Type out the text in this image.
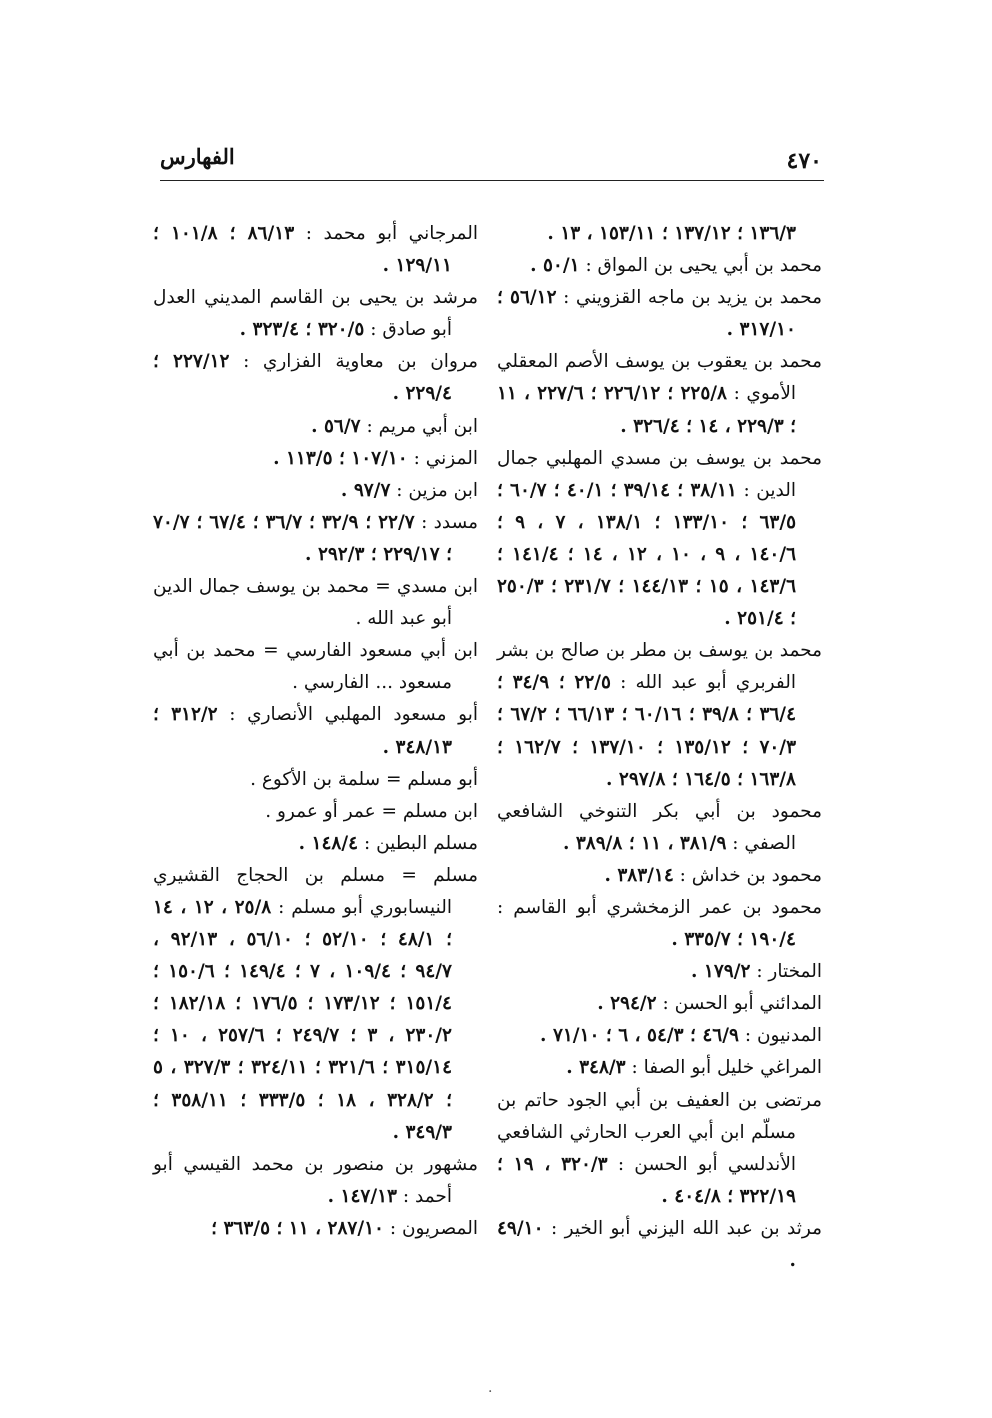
الفهارس	٤٧٠
١٣٦/٣ ؛ ١٣٧/١٢ ؛ ١٥٣/١١ ، ١٣ .
محمد بن أبي يحيى بن المواق : ٥٠/١ .
محمد بن يزيد بن ماجه القزويني : ٥٦/١٢ ؛ ٣١٧/١٠ .
محمد بن يعقوب بن يوسف الأصم المعقلي الأموي : ٢٢٥/٨ ؛ ٢٢٦/١٢ ؛ ٢٢٧/٦ ، ١١ ؛ ٢٢٩/٣ ، ١٤ ؛ ٣٢٦/٤ .
محمد بن يوسف بن مسدي المهلبي جمال الدين : ٣٨/١١ ؛ ٣٩/١٤ ؛ ٤٠/١ ؛ ٦٠/٧ ؛ ٦٣/٥ ؛ ١٣٣/١٠ ؛ ١٣٨/١ ، ٧ ، ٩ ؛ ١٤٠/٦ ، ٩ ، ١٠ ، ١٢ ، ١٤ ؛ ١٤١/٤ ؛ ١٤٣/٦ ، ١٥ ؛ ١٤٤/١٣ ؛ ٢٣١/٧ ؛ ٢٥٠/٣ ؛ ٢٥١/٤ .
محمد بن يوسف بن مطر بن صالح بن بشر الفربري أبو عبد الله : ٢٢/٥ ؛ ٣٤/٩ ؛ ٣٦/٤ ؛ ٣٩/٨ ؛ ٦٠/١٦ ؛ ٦٦/١٣ ؛ ٦٧/٢ ؛ ٧٠/٣ ؛ ١٣٥/١٢ ؛ ١٣٧/١٠ ؛ ١٦٢/٧ ؛ ١٦٣/٨ ؛ ١٦٤/٥ ؛ ٢٩٧/٨ .
محمود بن أبي بكر التنوخي الشافعي الصفي : ٣٨١/٩ ، ١١ ؛ ٣٨٩/٨ .
محمود بن خداش : ٣٨٣/١٤ .
محمود بن عمر الزمخشري أبو القاسم : ١٩٠/٤ ؛ ٣٣٥/٧ .
المختار : ١٧٩/٢ .
المدائني أبو الحسن : ٢٩٤/٢ .
المدنيون : ٤٦/٩ ؛ ٥٤/٣ ، ٦ ؛ ٧١/١٠ .
المراغي خليل أبو الصفا : ٣٤٨/٣ .
مرتضى بن العفيف بن أبي الجود حاتم بن مسلّم ابن أبي العرب الحارثي الشافعي الأندلسي أبو الحسن : ٣٢٠/٣ ، ١٩ ؛ ٣٢٢/١٩ ؛ ٤٠٤/٨ .
مرثد بن عبد الله اليزني أبو الخير : ٤٩/١٠ .
المرجاني أبو محمد : ٨٦/١٣ ؛ ١٠١/٨ ؛ ١٢٩/١١ .
مرشد بن يحيى بن القاسم المديني العدل أبو صادق : ٣٢٠/٥ ؛ ٣٢٣/٤ .
مروان بن معاوية الفزاري : ٢٢٧/١٢ ؛ ٢٢٩/٤ .
ابن أبي مريم : ٥٦/٧ .
المزني : ١٠٧/١٠ ؛ ١١٣/٥ .
ابن مزين : ٩٧/٧ .
مسدد : ٢٢/٧ ؛ ٣٢/٩ ؛ ٣٦/٧ ؛ ٦٧/٤ ؛ ٧٠/٧ ؛ ٢٢٩/١٧ ؛ ٢٩٢/٣ .
ابن مسدي = محمد بن يوسف جمال الدين أبو عبد الله .
ابن أبي مسعود الفارسي = محمد بن أبي مسعود ... الفارسي .
أبو مسعود المهلبي الأنصاري : ٣١٢/٢ ؛ ٣٤٨/١٣ .
أبو مسلم = سلمة بن الأكوع .
ابن مسلم = عمر أو عمرو .
مسلم البطين : ١٤٨/٤ .
مسلم = مسلم بن الحجاج القشيري النيسابوري أبو مسلم : ٢٥/٨ ، ١٢ ، ١٤ ؛ ٤٨/١ ؛ ٥٢/١٠ ؛ ٥٦/١٠ ، ٩٢/١٣ ، ٩٤/٧ ؛ ١٠٩/٤ ، ٧ ؛ ١٤٩/٤ ؛ ١٥٠/٦ ؛ ١٥١/٤ ؛ ١٧٣/١٢ ؛ ١٧٦/٥ ؛ ١٨٢/١٨ ؛ ٢٣٠/٢ ، ٣ ؛ ٢٤٩/٧ ؛ ٢٥٧/٦ ، ١٠ ؛ ٣١٥/١٤ ؛ ٣٢١/٦ ؛ ٣٢٤/١١ ؛ ٣٢٧/٣ ، ٥ ؛ ٣٢٨/٢ ، ١٨ ؛ ٣٣٣/٥ ؛ ٣٥٨/١١ ؛ ٣٤٩/٣ .
مشهور بن منصور بن محمد القيسي أبو أحمد : ١٤٧/١٣ .
المصريون : ٢٨٧/١٠ ، ١١ ؛ ٣٦٣/٥ ؛
·
